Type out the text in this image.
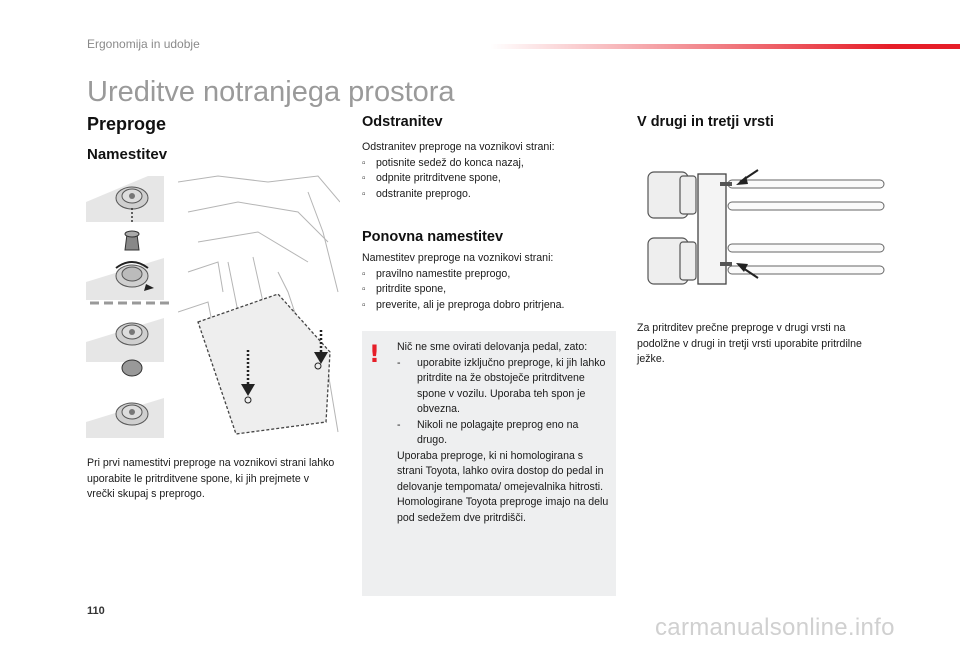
Ergonomija in udobje
Ureditve notranjega prostora
Preproge
Namestitev
Pri prvi namestitvi preproge na voznikovi strani lahko uporabite le pritrditvene spone, ki jih prejmete v vrečki skupaj s preprogo.
Odstranitev
Odstranitev preproge na voznikovi strani:
▫ potisnite sedež do konca nazaj,
▫ odpnite pritrditvene spone,
▫ odstranite preprogo.
Ponovna namestitev
Namestitev preproge na voznikovi strani:
▫ pravilno namestite preprogo,
▫ pritrdite spone,
▫ preverite, ali je preproga dobro pritrjena.
! Nič ne sme ovirati delovanja pedal, zato:
- uporabite izključno preproge, ki jih lahko pritrdite na že obstoječe pritrditvene spone v vozilu. Uporaba teh spon je obvezna.
- Nikoli ne polagajte preprog eno na drugo.
Uporaba preproge, ki ni homologirana s strani Toyota, lahko ovira dostop do pedal in delovanje tempomata/ omejevalnika hitrosti.
Homologirane Toyota preproge imajo na delu pod sedežem dve pritrdišči.
V drugi in tretji vrsti
Za pritrditev prečne preproge v drugi vrsti na podolžne v drugi in tretji vrsti uporabite pritrdilne ježke.
110
carmanualsonline.info
